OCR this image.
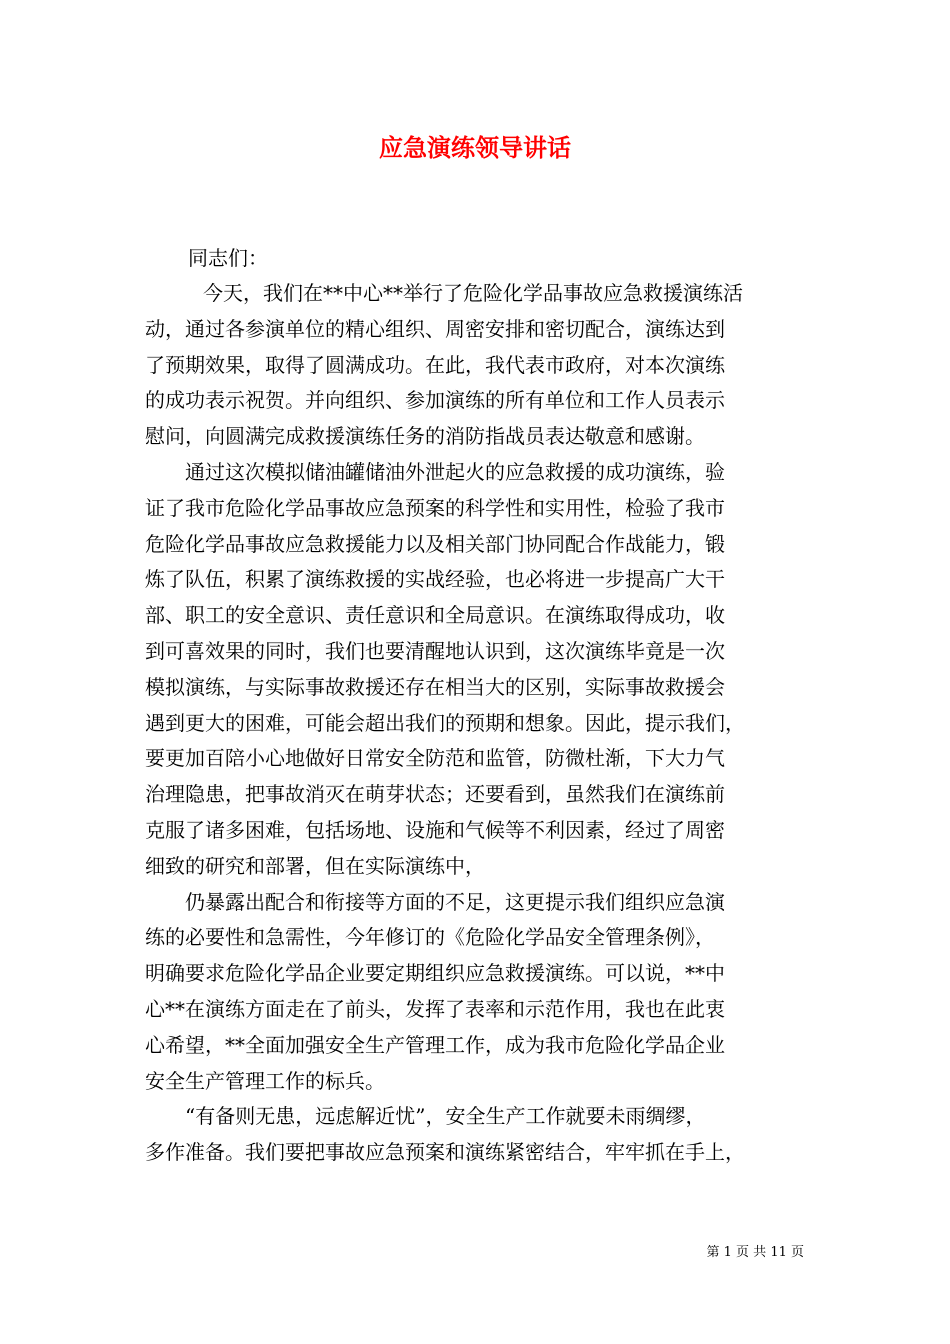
应急演练领导讲话
同志们：
今天，我们在**中心**举行了危险化学品事故应急救援演练活
动，通过各参演单位的精心组织、周密安排和密切配合，演练达到
了预期效果，取得了圆满成功。在此，我代表市政府，对本次演练
的成功表示祝贺。并向组织、参加演练的所有单位和工作人员表示
慰问，向圆满完成救援演练任务的消防指战员表达敬意和感谢。
通过这次模拟储油罐储油外泄起火的应急救援的成功演练，验
证了我市危险化学品事故应急预案的科学性和实用性，检验了我市
危险化学品事故应急救援能力以及相关部门协同配合作战能力，锻
炼了队伍，积累了演练救援的实战经验，也必将进一步提高广大干
部、职工的安全意识、责任意识和全局意识。在演练取得成功，收
到可喜效果的同时，我们也要清醒地认识到，这次演练毕竟是一次
模拟演练，与实际事故救援还存在相当大的区别，实际事故救援会
遇到更大的困难，可能会超出我们的预期和想象。因此，提示我们，
要更加百陪小心地做好日常安全防范和监管，防微杜渐，下大力气
治理隐患，把事故消灭在萌芽状态；还要看到，虽然我们在演练前
克服了诸多困难，包括场地、设施和气候等不利因素，经过了周密
细致的研究和部署，但在实际演练中，
仍暴露出配合和衔接等方面的不足，这更提示我们组织应急演
练的必要性和急需性，今年修订的《危险化学品安全管理条例》，
明确要求危险化学品企业要定期组织应急救援演练。可以说，**中
心**在演练方面走在了前头，发挥了表率和示范作用，我也在此衷
心希望，**全面加强安全生产管理工作，成为我市危险化学品企业
安全生产管理工作的标兵。
“有备则无患，远虑解近忧”，安全生产工作就要未雨绸缪，
多作准备。我们要把事故应急预案和演练紧密结合，牢牢抓在手上，
第 1 页 共 11 页
